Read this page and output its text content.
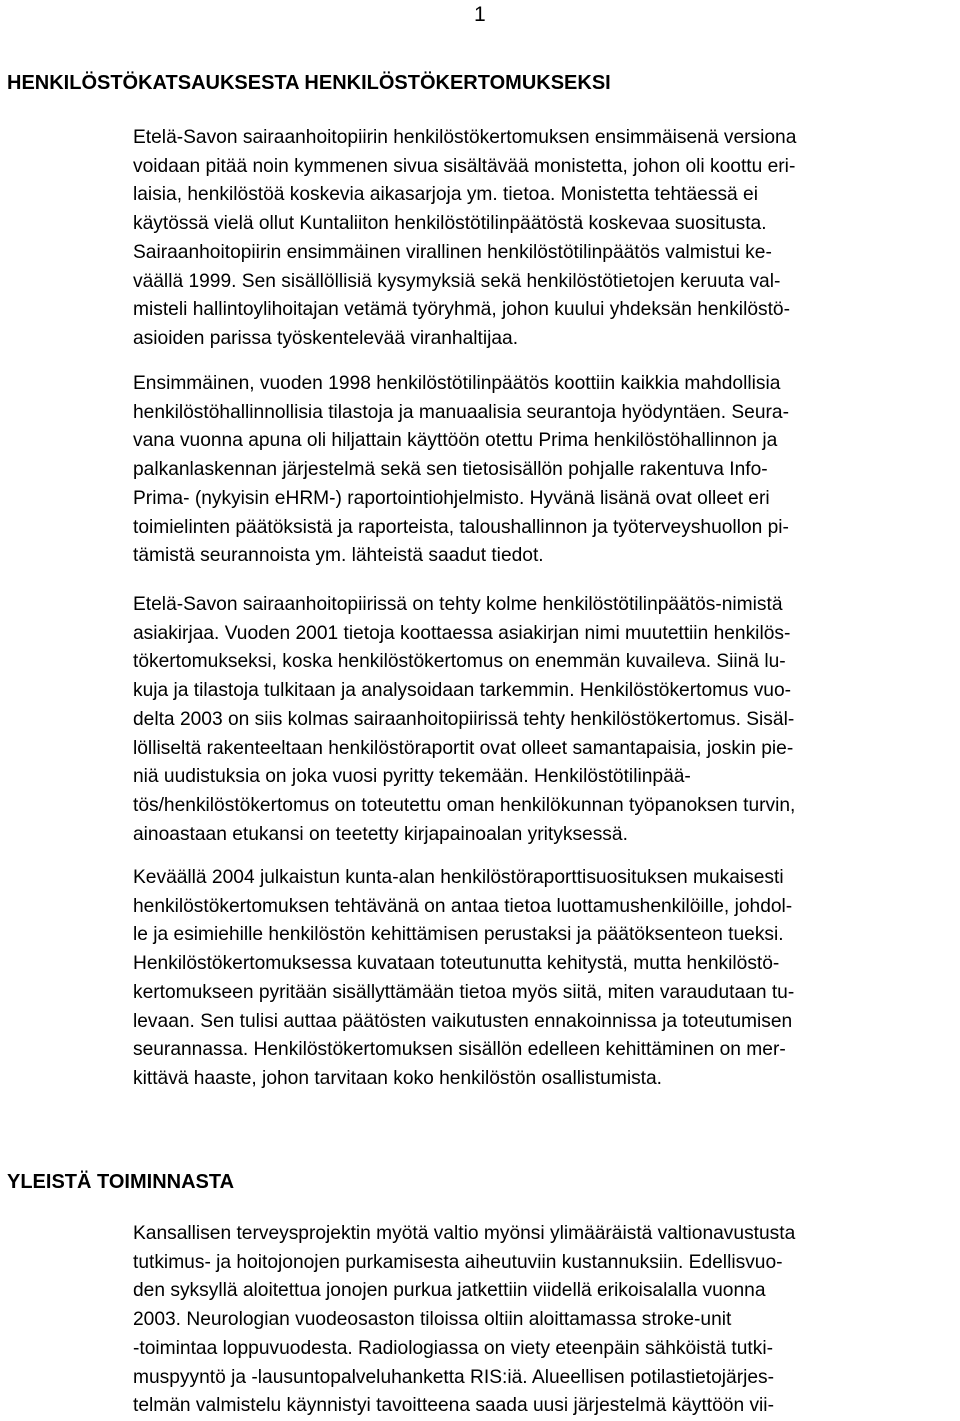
1
HENKILÖSTÖKATSAUKSESTA HENKILÖSTÖKERTOMUKSEKSI

Etelä-Savon sairaanhoitopiirin henkilöstökertomuksen ensimmäisenä versiona
voidaan pitää noin kymmenen sivua sisältävää monistetta, johon oli koottu eri-
laisia, henkilöstöä koskevia aikasarjoja ym. tietoa. Monistetta tehtäessä ei
käytössä vielä ollut Kuntaliiton henkilöstötilinpäätöstä koskevaa suositusta.
Sairaanhoitopiirin ensimmäinen virallinen henkilöstötilinpäätös valmistui ke-
väällä 1999. Sen sisällöllisiä kysymyksiä sekä henkilöstötietojen keruuta val-
misteli hallintoylihoitajan vetämä työryhmä, johon kuului yhdeksän henkilöstö-
asioiden parissa työskentelevää viranhaltijaa.

Ensimmäinen, vuoden 1998 henkilöstötilinpäätös koottiin kaikkia mahdollisia
henkilöstöhallinnollisia tilastoja ja manuaalisia seurantoja hyödyntäen. Seura-
vana vuonna apuna oli hiljattain käyttöön otettu Prima henkilöstöhallinnon ja
palkanlaskennan järjestelmä sekä sen tietosisällön pohjalle rakentuva Info-
Prima- (nykyisin eHRM-) raportointiohjelmisto. Hyvänä lisänä ovat olleet eri
toimielinten päätöksistä ja raporteista, taloushallinnon ja työterveyshuollon pi-
tämistä seurannoista ym. lähteistä saadut tiedot.

Etelä-Savon sairaanhoitopiirissä on tehty kolme henkilöstötilinpäätös-nimistä
asiakirjaa. Vuoden 2001 tietoja koottaessa asiakirjan nimi muutettiin henkilös-
tökertomukseksi, koska henkilöstökertomus on enemmän kuvaileva. Siinä lu-
kuja ja tilastoja tulkitaan ja analysoidaan tarkemmin. Henkilöstökertomus vuo-
delta 2003 on siis kolmas sairaanhoitopiirissä tehty henkilöstökertomus. Sisäl-
lölliseltä rakenteeltaan henkilöstöraportit ovat olleet samantapaisia, joskin pie-
niä uudistuksia on joka vuosi pyritty tekemään. Henkilöstötilinpää-
tös/henkilöstökertomus on toteutettu oman henkilökunnan työpanoksen turvin,
ainoastaan etukansi on teetetty kirjapainoalan yrityksessä.

Keväällä 2004 julkaistun kunta-alan henkilöstöraporttisuosituksen mukaisesti
henkilöstökertomuksen tehtävänä on antaa tietoa luottamushenkilöille, johdol-
le ja esimiehille henkilöstön kehittämisen perustaksi ja päätöksenteon tueksi.
Henkilöstökertomuksessa kuvataan toteutunutta kehitystä, mutta henkilöstö-
kertomukseen pyritään sisällyttämään tietoa myös siitä, miten varaudutaan tu-
levaan. Sen tulisi auttaa päätösten vaikutusten ennakoinnissa ja toteutumisen
seurannassa. Henkilöstökertomuksen sisällön edelleen kehittäminen on mer-
kittävä haaste, johon tarvitaan koko henkilöstön osallistumista.

YLEISTÄ TOIMINNASTA

Kansallisen terveysprojektin myötä valtio myönsi ylimääräistä valtionavustusta
tutkimus- ja hoitojonojen purkamisesta aiheutuviin kustannuksiin. Edellisvuo-
den syksyllä aloitettua jonojen purkua jatkettiin viidellä erikoisalalla vuonna
2003. Neurologian vuodeosaston tiloissa oltiin aloittamassa stroke-unit
-toimintaa loppuvuodesta. Radiologiassa on viety eteenpäin sähköistä tutki-
muspyyntö ja -lausuntopalveluhanketta RIS:iä. Alueellisen potilastietojärjes-
telmän valmistelu käynnistyi tavoitteena saada uusi järjestelmä käyttöön vii-
